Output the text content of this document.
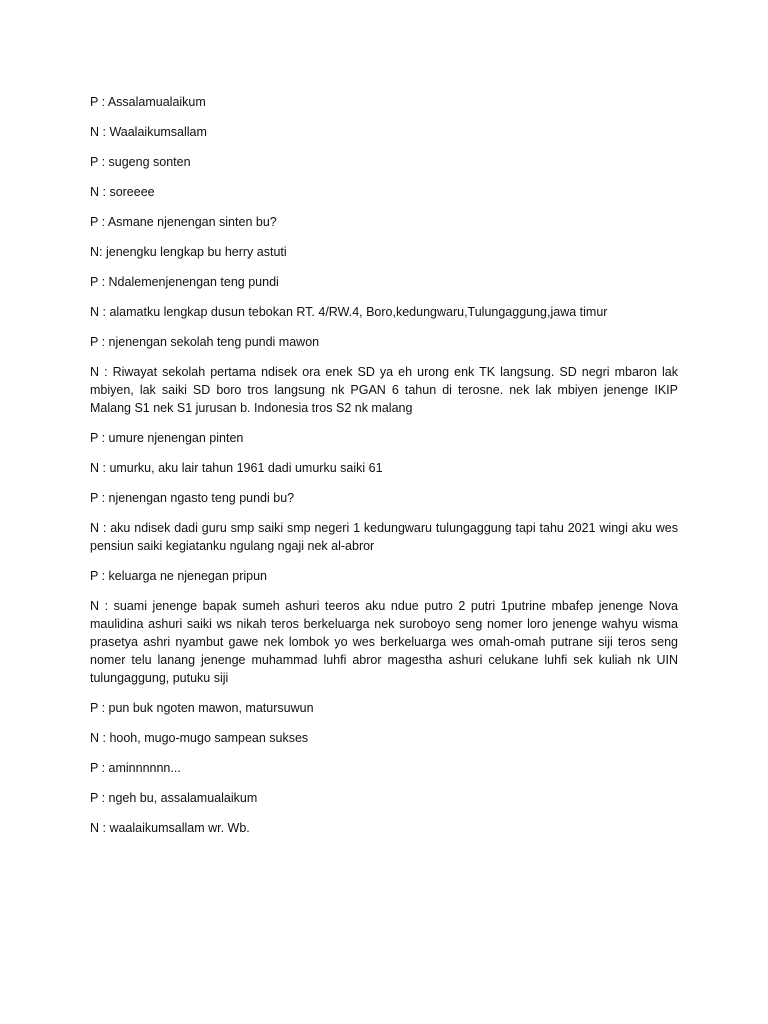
P : Assalamualaikum

N : Waalaikumsallam

P : sugeng sonten

N : soreeee

P : Asmane njenengan sinten bu?

N: jenengku lengkap bu herry astuti

P : Ndalemenjenengan teng pundi

N : alamatku lengkap dusun tebokan RT. 4/RW.4, Boro,kedungwaru,Tulungaggung,jawa timur

P : njenengan sekolah teng pundi mawon

N : Riwayat sekolah pertama ndisek ora enek SD ya eh urong enk TK langsung. SD negri mbaron lak mbiyen, lak saiki SD boro tros langsung nk PGAN 6 tahun di terosne. nek lak mbiyen jenenge IKIP Malang S1 nek S1 jurusan b. Indonesia tros S2 nk malang

P : umure njenengan pinten

N : umurku, aku lair tahun 1961 dadi umurku saiki 61

P : njenengan ngasto teng pundi bu?

N : aku ndisek dadi guru smp saiki smp negeri 1 kedungwaru tulungaggung tapi tahu 2021 wingi aku wes pensiun saiki kegiatanku ngulang ngaji nek al-abror

P : keluarga ne njenegan pripun

N : suami jenenge bapak sumeh ashuri teeros aku ndue putro 2 putri 1putrine mbafep jenenge Nova maulidina ashuri saiki ws nikah teros berkeluarga nek suroboyo seng nomer loro jenenge wahyu wisma prasetya ashri nyambut gawe nek lombok yo wes berkeluarga wes omah-omah putrane siji teros seng nomer telu lanang jenenge muhammad luhfi abror magestha ashuri celukane luhfi sek kuliah nk UIN tulungaggung, putuku siji

P : pun buk ngoten mawon, matursuwun

N : hooh, mugo-mugo sampean sukses

P : aminnnnnn...

P : ngeh bu, assalamualaikum

N : waalaikumsallam wr. Wb.
